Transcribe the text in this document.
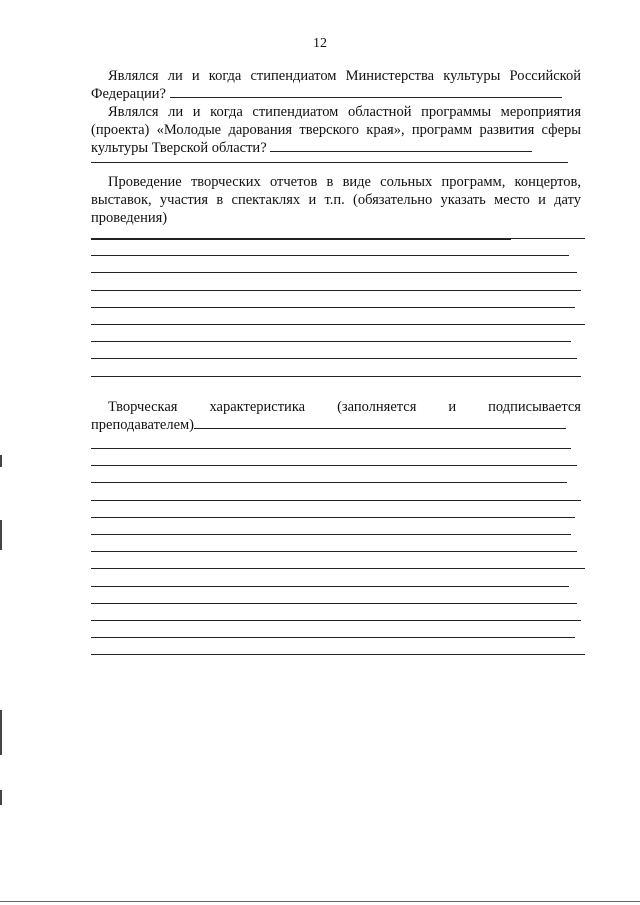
12
Являлся ли и когда стипендиатом Министерства культуры Российской Федерации?
Являлся ли и когда стипендиатом областной программы мероприятия (проекта) «Молодые дарования тверского края», программ развития сферы культуры Тверской области?
Проведение творческих отчетов в виде сольных программ, концертов, выставок, участия в спектаклях и т.п. (обязательно указать место и дату проведения)
Творческая характеристика (заполняется и подписывается
преподавателем)
